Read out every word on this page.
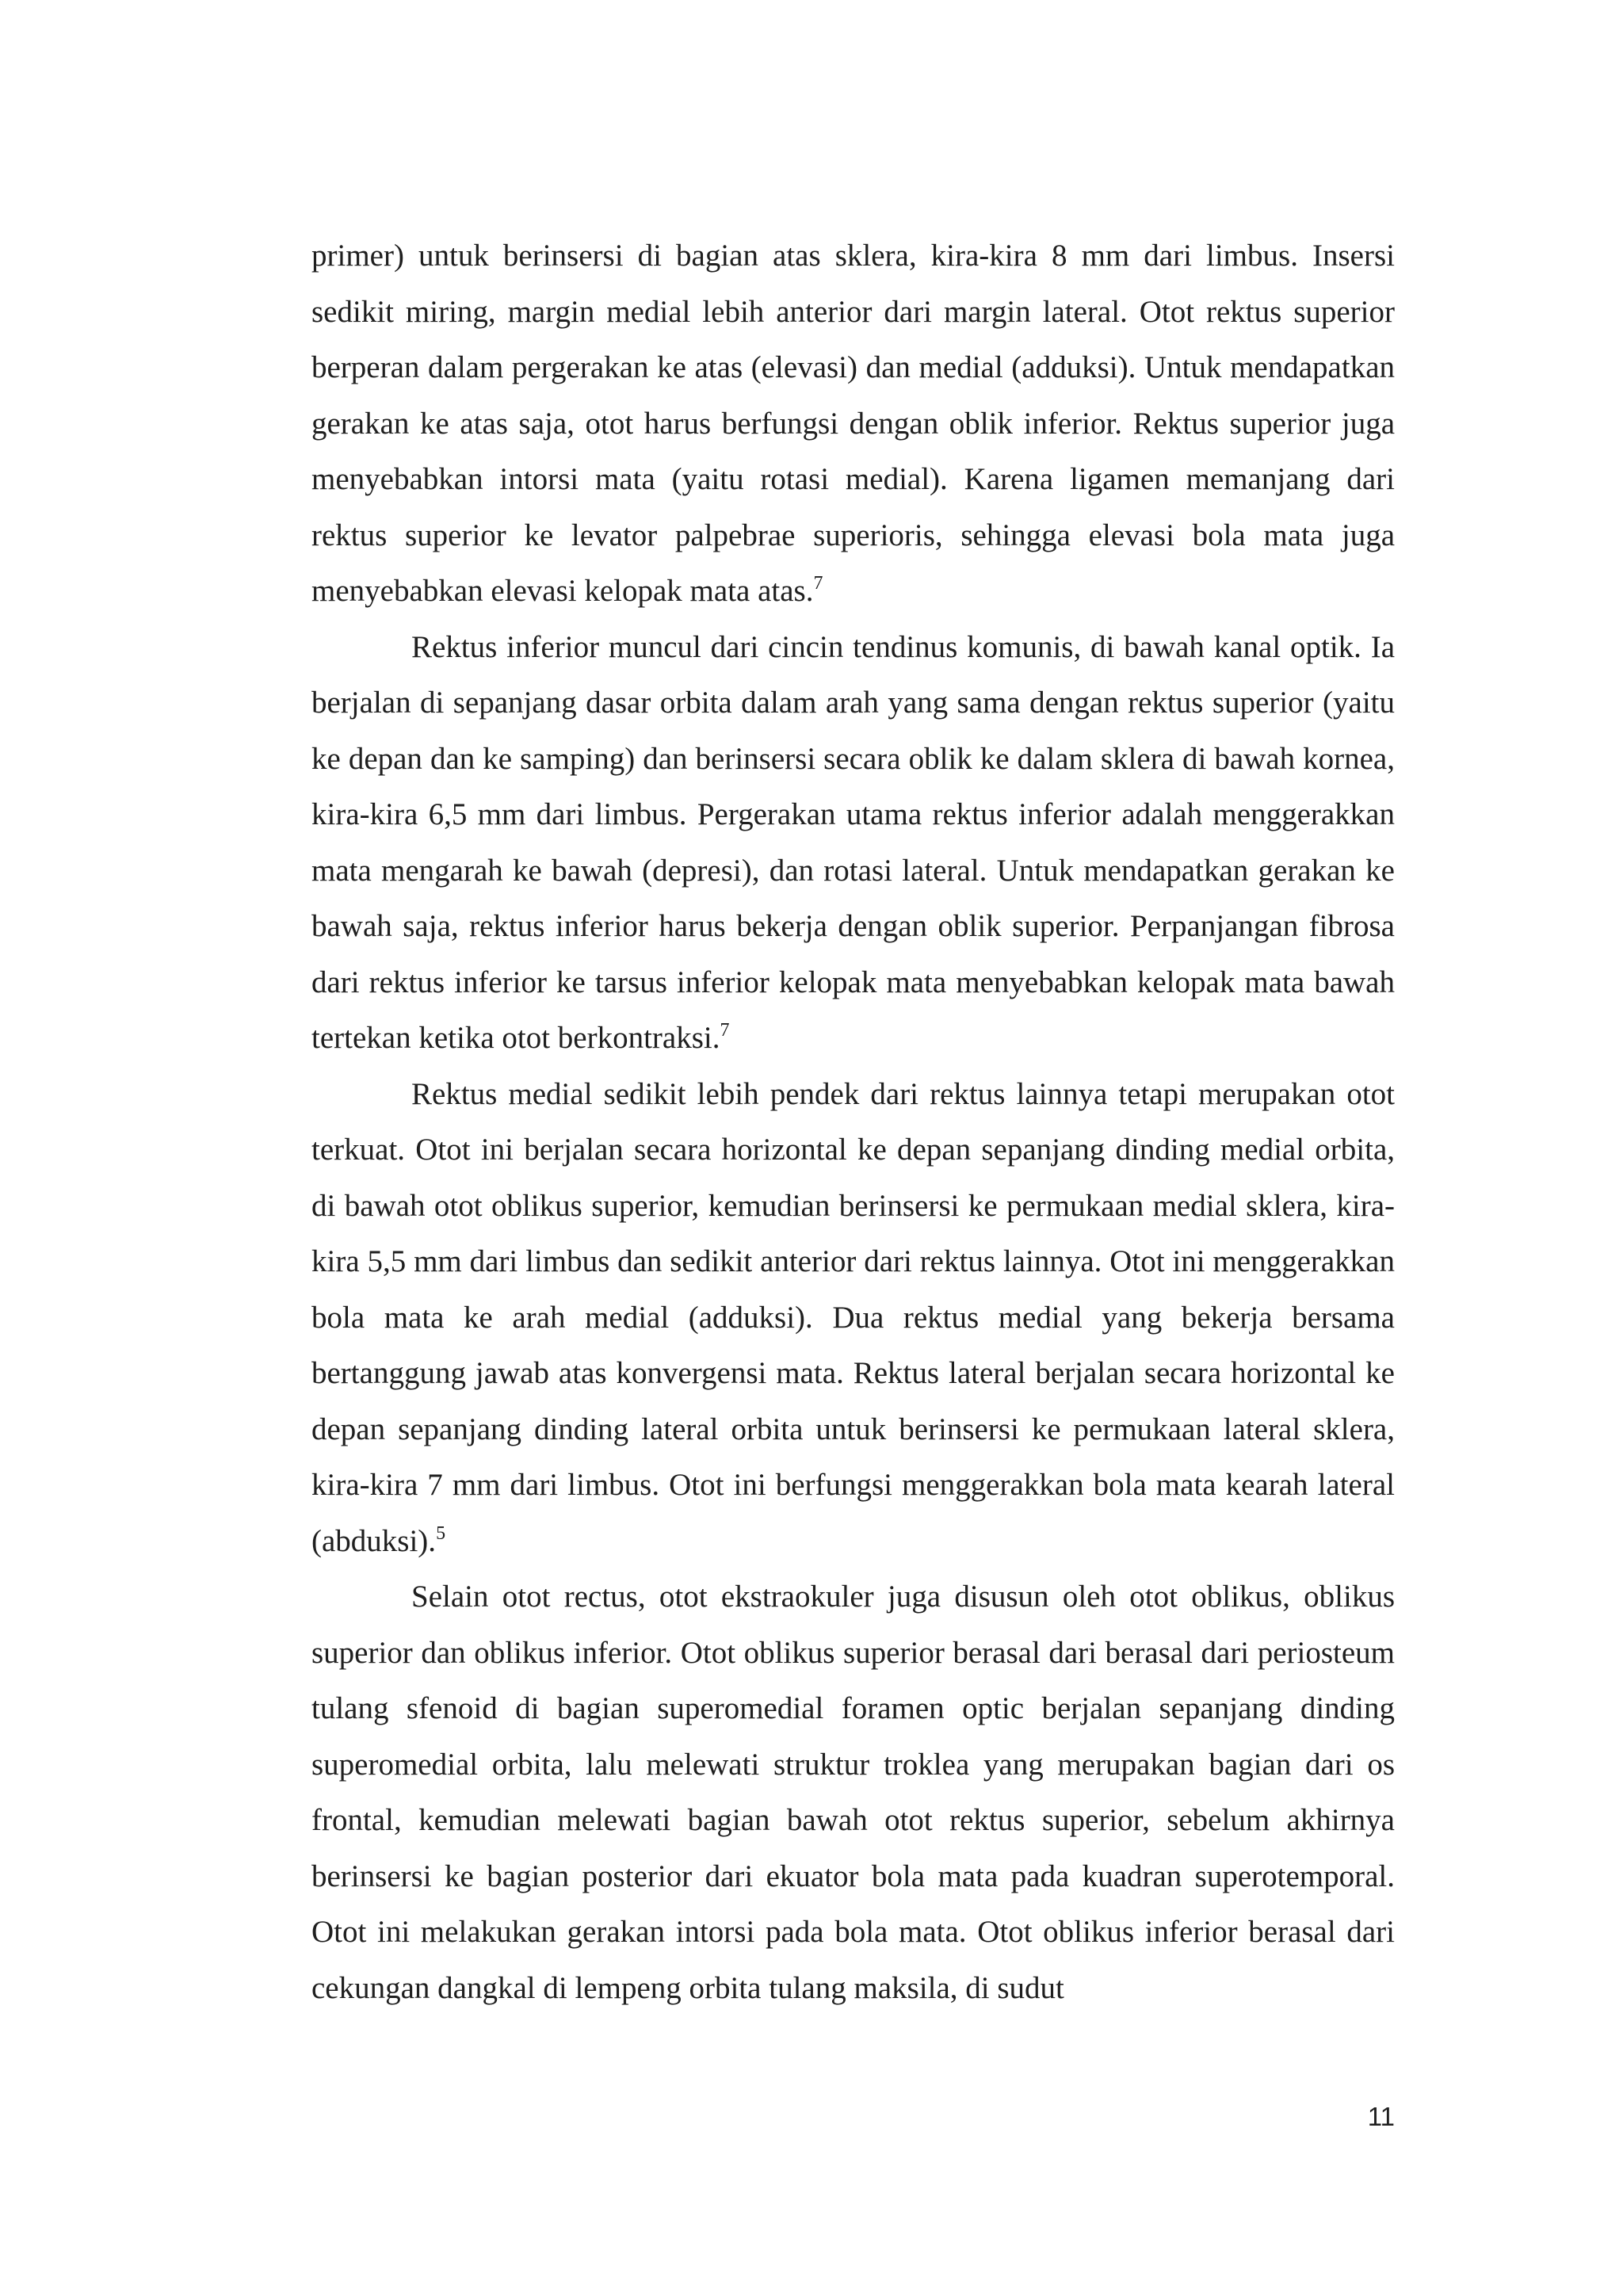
primer) untuk berinsersi di bagian atas sklera, kira-kira 8 mm dari limbus. Insersi sedikit miring, margin medial lebih anterior dari margin lateral. Otot rektus superior berperan dalam pergerakan ke atas (elevasi) dan medial (adduksi). Untuk mendapatkan gerakan ke atas saja, otot harus berfungsi dengan oblik inferior. Rektus superior juga menyebabkan intorsi mata (yaitu rotasi medial). Karena ligamen memanjang dari rektus superior ke levator palpebrae superioris, sehingga elevasi bola mata juga menyebabkan elevasi kelopak mata atas.$^7$

Rektus inferior muncul dari cincin tendinus komunis, di bawah kanal optik. Ia berjalan di sepanjang dasar orbita dalam arah yang sama dengan rektus superior (yaitu ke depan dan ke samping) dan berinsersi secara oblik ke dalam sklera di bawah kornea, kira-kira 6,5 mm dari limbus. Pergerakan utama rektus inferior adalah menggerakkan mata mengarah ke bawah (depresi), dan rotasi lateral. Untuk mendapatkan gerakan ke bawah saja, rektus inferior harus bekerja dengan oblik superior. Perpanjangan fibrosa dari rektus inferior ke tarsus inferior kelopak mata menyebabkan kelopak mata bawah tertekan ketika otot berkontraksi.$^7$

Rektus medial sedikit lebih pendek dari rektus lainnya tetapi merupakan otot terkuat. Otot ini berjalan secara horizontal ke depan sepanjang dinding medial orbita, di bawah otot oblikus superior, kemudian berinsersi ke permukaan medial sklera, kira-kira 5,5 mm dari limbus dan sedikit anterior dari rektus lainnya. Otot ini menggerakkan bola mata ke arah medial (adduksi). Dua rektus medial yang bekerja bersama bertanggung jawab atas konvergensi mata. Rektus lateral berjalan secara horizontal ke depan sepanjang dinding lateral orbita untuk berinsersi ke permukaan lateral sklera, kira-kira 7 mm dari limbus. Otot ini berfungsi menggerakkan bola mata kearah lateral (abduksi).$^5$

Selain otot rectus, otot ekstraokuler juga disusun oleh otot oblikus, oblikus superior dan oblikus inferior. Otot oblikus superior berasal dari berasal dari periosteum tulang sfenoid di bagian superomedial foramen optic berjalan sepanjang dinding superomedial orbita, lalu melewati struktur troklea yang merupakan bagian dari os frontal, kemudian melewati bagian bawah otot rektus superior, sebelum akhirnya berinsersi ke bagian posterior dari ekuator bola mata pada kuadran superotemporal. Otot ini melakukan gerakan intorsi pada bola mata. Otot oblikus inferior berasal dari cekungan dangkal di lempeng orbita tulang maksila, di sudut

11
